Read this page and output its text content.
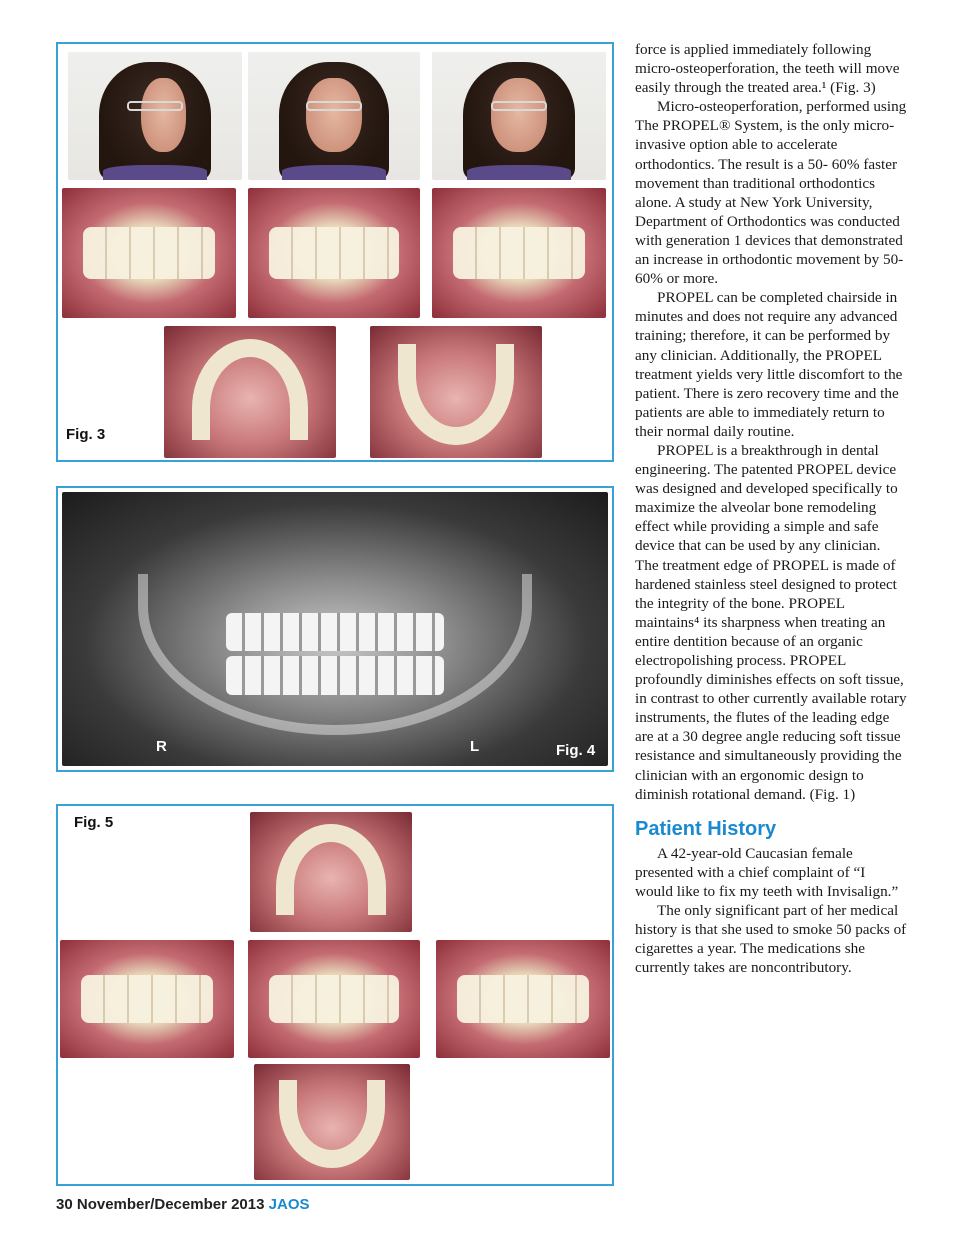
Fig. 3
R	L	Fig. 4
Fig. 5

force is applied immediately following micro-osteoperforation, the teeth will move easily through the treated area.¹ (Fig. 3)

Micro-osteoperforation, performed using The PROPEL® System, is the only micro-invasive option able to accelerate orthodontics. The result is a 50- 60% faster movement than traditional orthodontics alone. A study at New York University, Department of Orthodontics was conducted with generation 1 devices that demonstrated an increase in orthodontic movement by 50-60% or more.

PROPEL can be completed chairside in minutes and does not require any advanced training; therefore, it can be performed by any clinician. Additionally, the PROPEL treatment yields very little discomfort to the patient. There is zero recovery time and the patients are able to immediately return to their normal daily routine.

PROPEL is a breakthrough in dental engineering. The patented PROPEL device was designed and developed specifically to maximize the alveolar bone remodeling effect while providing a simple and safe device that can be used by any clinician. The treatment edge of PROPEL is made of hardened stainless steel designed to protect the integrity of the bone. PROPEL maintains⁴ its sharpness when treating an entire dentition because of an organic electropolishing process. PROPEL profoundly diminishes effects on soft tissue, in contrast to other currently available rotary instruments, the flutes of the leading edge are at a 30 degree angle reducing soft tissue resistance and simultaneously providing the clinician with an ergonomic design to diminish rotational demand. (Fig. 1)

Patient History

A 42-year-old Caucasian female presented with a chief complaint of “I would like to fix my teeth with Invisalign.”

The only significant part of her medical history is that she used to smoke 50 packs of cigarettes a year. The medications she currently takes are noncontributory.

30 November/December 2013 JAOS
